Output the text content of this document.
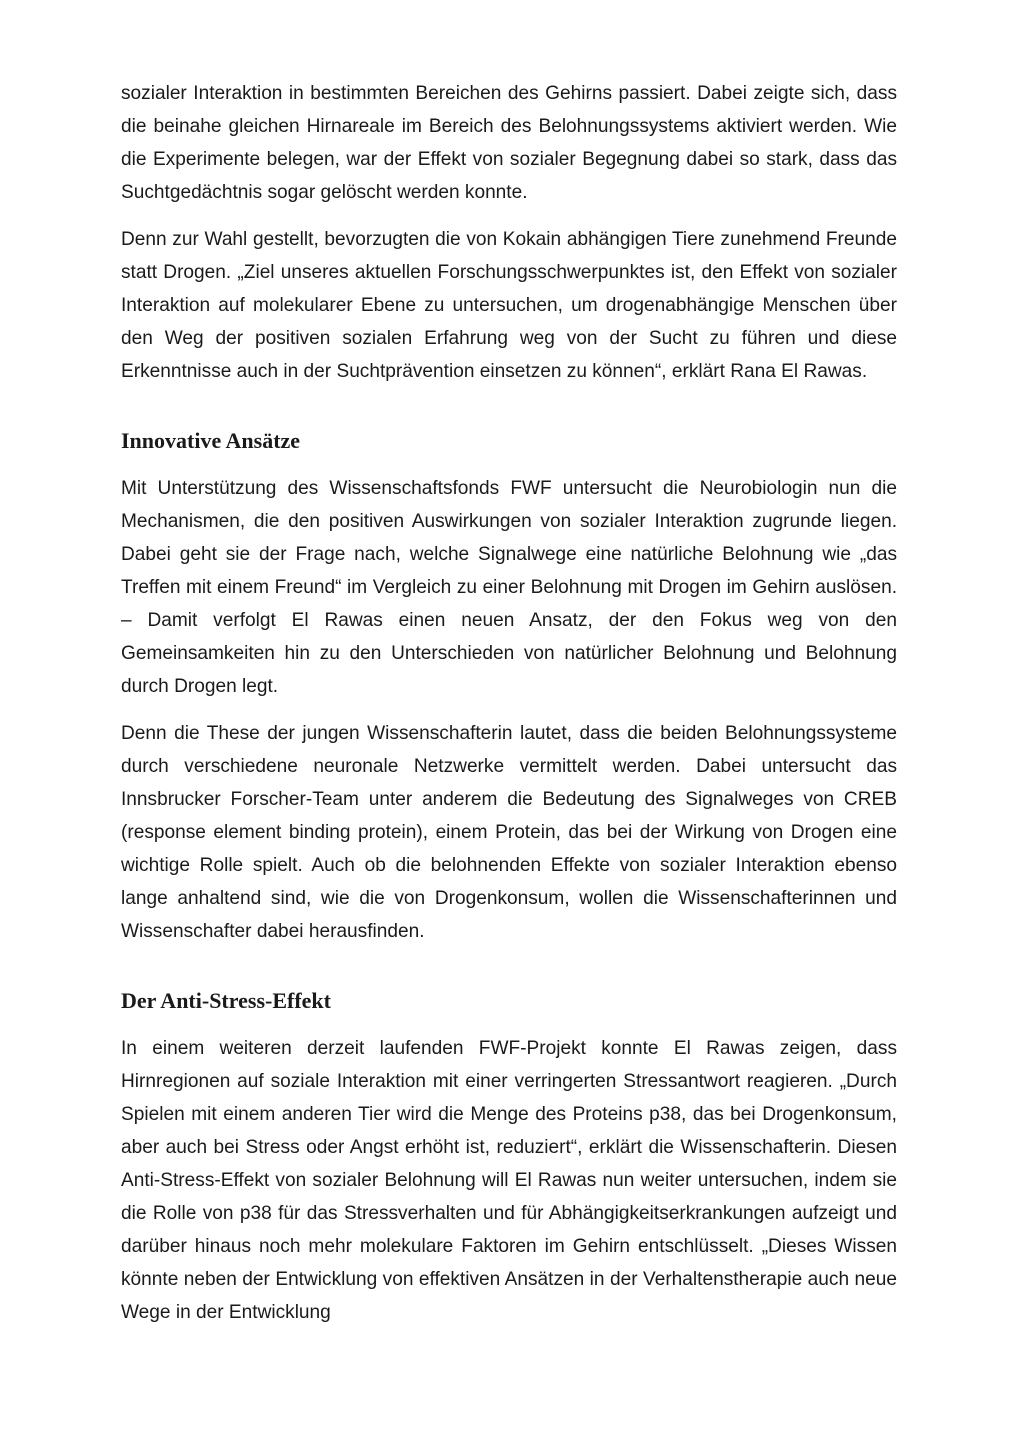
sozialer Interaktion in bestimmten Bereichen des Gehirns passiert. Dabei zeigte sich, dass die beinahe gleichen Hirnareale im Bereich des Belohnungssystems aktiviert werden. Wie die Experimente belegen, war der Effekt von sozialer Begegnung dabei so stark, dass das Suchtgedächtnis sogar gelöscht werden konnte.

Denn zur Wahl gestellt, bevorzugten die von Kokain abhängigen Tiere zunehmend Freunde statt Drogen. „Ziel unseres aktuellen Forschungsschwerpunktes ist, den Effekt von sozialer Interaktion auf molekularer Ebene zu untersuchen, um drogenabhängige Menschen über den Weg der positiven sozialen Erfahrung weg von der Sucht zu führen und diese Erkenntnisse auch in der Suchtprävention einsetzen zu können“, erklärt Rana El Rawas.

Innovative Ansätze

Mit Unterstützung des Wissenschaftsfonds FWF untersucht die Neurobiologin nun die Mechanismen, die den positiven Auswirkungen von sozialer Interaktion zugrunde liegen. Dabei geht sie der Frage nach, welche Signalwege eine natürliche Belohnung wie „das Treffen mit einem Freund“ im Vergleich zu einer Belohnung mit Drogen im Gehirn auslösen. – Damit verfolgt El Rawas einen neuen Ansatz, der den Fokus weg von den Gemeinsamkeiten hin zu den Unterschieden von natürlicher Belohnung und Belohnung durch Drogen legt.

Denn die These der jungen Wissenschafterin lautet, dass die beiden Belohnungssysteme durch verschiedene neuronale Netzwerke vermittelt werden. Dabei untersucht das Innsbrucker Forscher-Team unter anderem die Bedeutung des Signalweges von CREB (response element binding protein), einem Protein, das bei der Wirkung von Drogen eine wichtige Rolle spielt. Auch ob die belohnenden Effekte von sozialer Interaktion ebenso lange anhaltend sind, wie die von Drogenkonsum, wollen die Wissenschafterinnen und Wissenschafter dabei herausfinden.

Der Anti-Stress-Effekt

In einem weiteren derzeit laufenden FWF-Projekt konnte El Rawas zeigen, dass Hirnregionen auf soziale Interaktion mit einer verringerten Stressantwort reagieren. „Durch Spielen mit einem anderen Tier wird die Menge des Proteins p38, das bei Drogenkonsum, aber auch bei Stress oder Angst erhöht ist, reduziert“, erklärt die Wissenschafterin. Diesen Anti-Stress-Effekt von sozialer Belohnung will El Rawas nun weiter untersuchen, indem sie die Rolle von p38 für das Stressverhalten und für Abhängigkeitserkrankungen aufzeigt und darüber hinaus noch mehr molekulare Faktoren im Gehirn entschlüsselt. „Dieses Wissen könnte neben der Entwicklung von effektiven Ansätzen in der Verhaltenstherapie auch neue Wege in der Entwicklung
